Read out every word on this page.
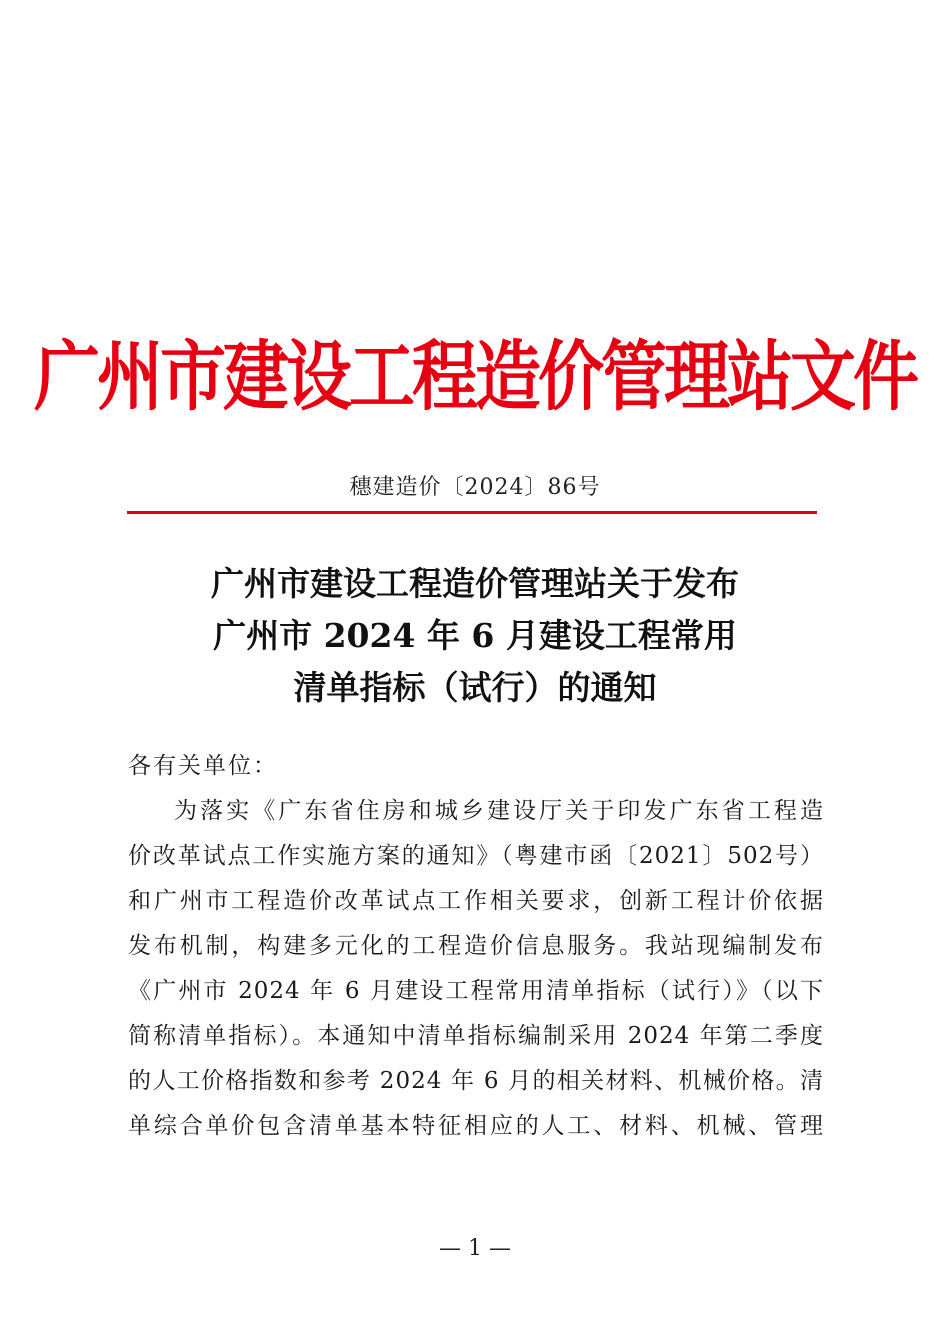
广州市建设工程造价管理站文件
穗建造价〔2024〕86号
广州市建设工程造价管理站关于发布
广州市 2024 年 6 月建设工程常用
清单指标（试行）的通知
各有关单位：
为落实《广东省住房和城乡建设厅关于印发广东省工程造
价改革试点工作实施方案的通知》（粤建市函〔2021〕502号）
和广州市工程造价改革试点工作相关要求，创新工程计价依据
发布机制，构建多元化的工程造价信息服务。我站现编制发布
《广州市 2024 年 6 月建设工程常用清单指标（试行）》（以下
简称清单指标）。本通知中清单指标编制采用 2024 年第二季度
的人工价格指数和参考 2024 年 6 月的相关材料、机械价格。清
单综合单价包含清单基本特征相应的人工、材料、机械、管理
— 1 —
